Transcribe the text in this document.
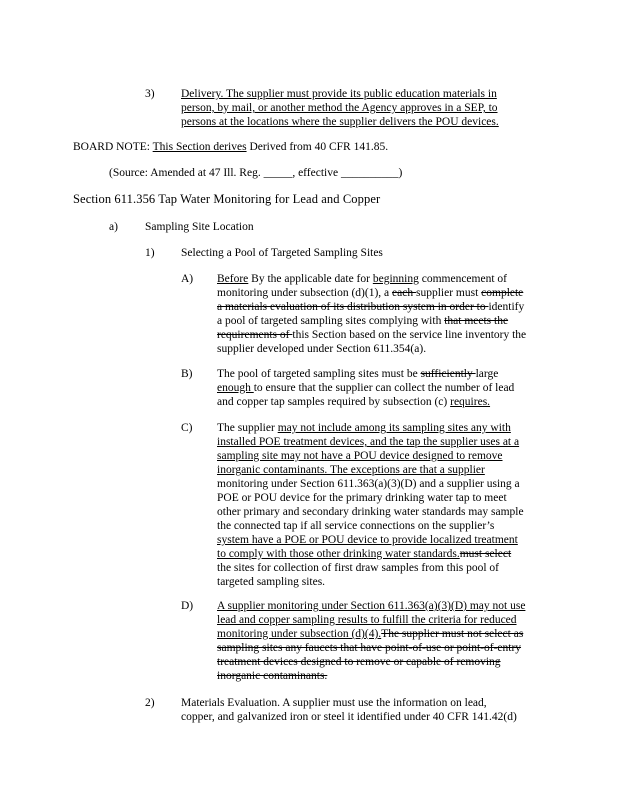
3) Delivery. The supplier must provide its public education materials in
person, by mail, or another method the Agency approves in a SEP, to
persons at the locations where the supplier delivers the POU devices.
BOARD NOTE: This Section derives Derived from 40 CFR 141.85.
(Source: Amended at 47 Ill. Reg. _____, effective __________)
Section 611.356 Tap Water Monitoring for Lead and Copper
a) Sampling Site Location
1) Selecting a Pool of Targeted Sampling Sites
A) Before By the applicable date for beginning commencement of
monitoring under subsection (d)(1), a each supplier must complete
a materials evaluation of its distribution system in order to identify
a pool of targeted sampling sites complying with that meets the
requirements of this Section based on the service line inventory the
supplier developed under Section 611.354(a).
B) The pool of targeted sampling sites must be sufficiently large
enough to ensure that the supplier can collect the number of lead
and copper tap samples required by subsection (c) requires.
C) The supplier may not include among its sampling sites any with
installed POE treatment devices, and the tap the supplier uses at a
sampling site may not have a POU device designed to remove
inorganic contaminants. The exceptions are that a supplier
monitoring under Section 611.363(a)(3)(D) and a supplier using a
POE or POU device for the primary drinking water tap to meet
other primary and secondary drinking water standards may sample
the connected tap if all service connections on the supplier’s
system have a POE or POU device to provide localized treatment
to comply with those other drinking water standards.must select
the sites for collection of first draw samples from this pool of
targeted sampling sites.
D) A supplier monitoring under Section 611.363(a)(3)(D) may not use
lead and copper sampling results to fulfill the criteria for reduced
monitoring under subsection (d)(4).The supplier must not select as
sampling sites any faucets that have point-of-use or point-of-entry
treatment devices designed to remove or capable of removing
inorganic contaminants.
2) Materials Evaluation. A supplier must use the information on lead,
copper, and galvanized iron or steel it identified under 40 CFR 141.42(d)
